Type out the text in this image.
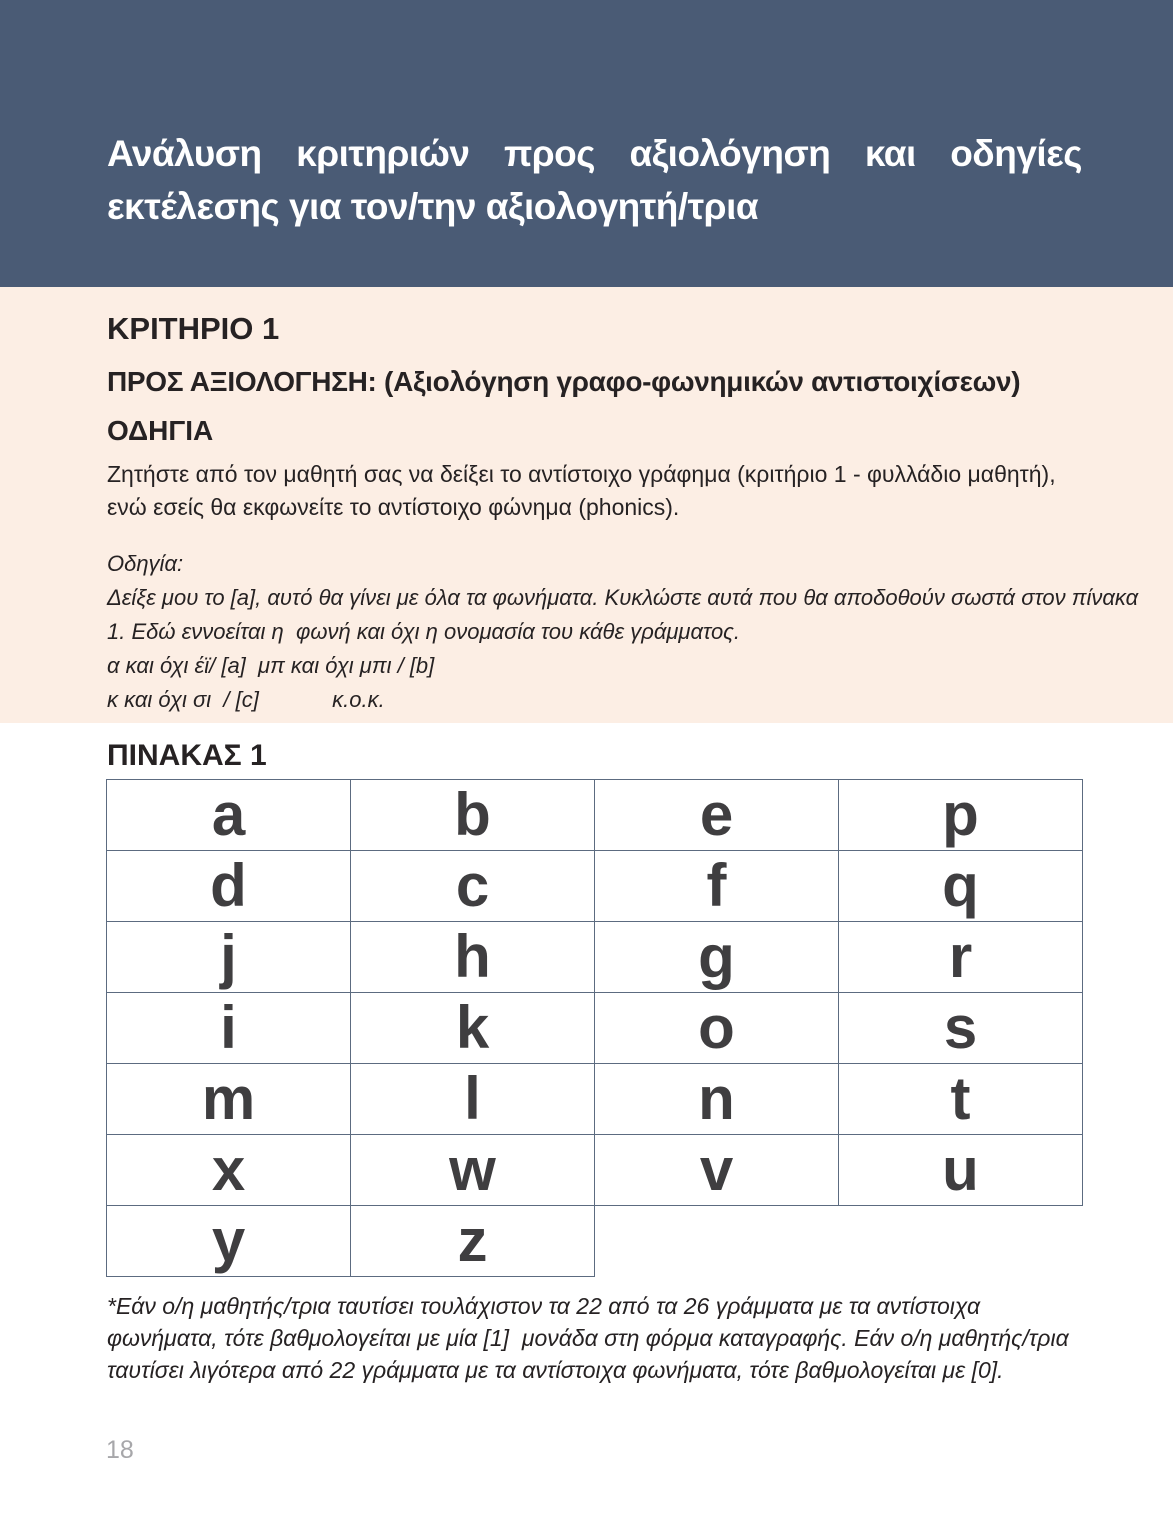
Ανάλυση κριτηριών προς αξιολόγηση και οδηγίες
εκτέλεσης για τον/την αξιολογητή/τρια
ΚΡΙΤΗΡΙΟ 1
ΠΡΟΣ ΑΞΙΟΛΟΓΗΣΗ: (Αξιολόγηση γραφο-φωνημικών αντιστοιχίσεων)
ΟΔΗΓΙΑ

Ζητήστε από τον μαθητή σας να δείξει το αντίστοιχο γράφημα (κριτήριο 1 - φυλλάδιο μαθητή), ενώ εσείς θα εκφωνείτε το αντίστοιχο φώνημα (phonics).

Οδηγία:
Δείξε μου το [a], αυτό θα γίνει με όλα τα φωνήματα. Κυκλώστε αυτά που θα αποδοθούν σωστά στον πίνακα
1. Εδώ εννοείται η  φωνή και όχι η ονομασία του κάθε γράμματος.
α και όχι έϊ/ [a]  μπ και όχι μπι / [b]
κ και όχι σι  / [c]            κ.ο.κ.
ΠΙΝΑΚΑΣ 1
a	b	e	p
d	c	f	q
j	h	g	r
i	k	o	s
m	l	n	t
x	w	v	u
y	z		

*Εάν ο/η μαθητής/τρια ταυτίσει τουλάχιστον τα 22 από τα 26 γράμματα με τα αντίστοιχα φωνήματα, τότε βαθμολογείται με μία [1]  μονάδα στη φόρμα καταγραφής. Εάν ο/η μαθητής/τρια ταυτίσει λιγότερα από 22 γράμματα με τα αντίστοιχα φωνήματα, τότε βαθμολογείται με [0].

18
